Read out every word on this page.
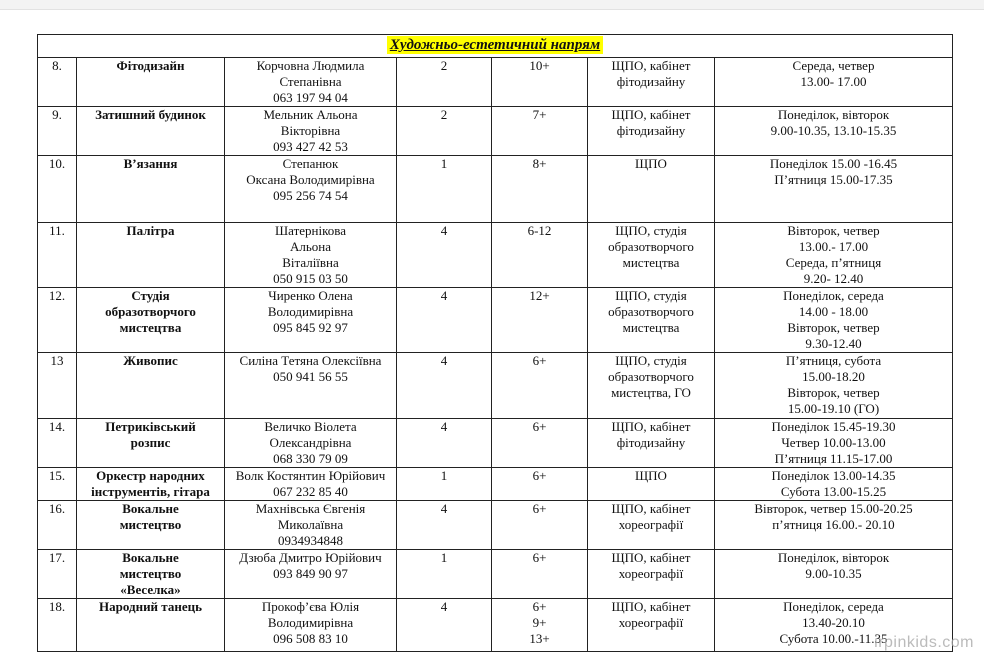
Художньо-естетичний напрям						
8.	Фітодизайн	Корчовна Людмила
Степанівна
063 197 94 04	2	10+	ЩПО, кабінет
фітодизайну	Середа, четвер
13.00- 17.00

9.	Затишний будинок	Мельник Альона
Вікторівна
093 427 42 53	2	7+	ЩПО, кабінет
фітодизайну	Понеділок, вівторок
9.00-10.35, 13.10-15.35

10.	В’язання	Степанюк
Оксана Володимирівна
095 256 74 54	1	8+	ЩПО	Понеділок 15.00 -16.45
П’ятниця 15.00-17.35

11.	Палітра	Шатернікова
Альона
Віталіївна
050 915 03 50	4	6-12	ЩПО, студія
образотворчого
мистецтва	Вівторок, четвер
13.00.- 17.00
Середа, п’ятниця
9.20- 12.40

12.	Студія
образотворчого
мистецтва	Чиренко Олена
Володимирівна
095 845 92 97	4	12+	ЩПО, студія
образотворчого
мистецтва	Понеділок, середа
14.00 - 18.00
Вівторок, четвер
9.30-12.40

13	Живопис	Силіна Тетяна Олексіївна
050 941 56 55	4	6+	ЩПО, студія
образотворчого
мистецтва, ГО	П’ятниця, субота
15.00-18.20
Вівторок, четвер
15.00-19.10 (ГО)

14.	Петриківський
розпис	Величко Віолета
Олександрівна
068 330 79 09	4	6+	ЩПО, кабінет
фітодизайну	Понеділок 15.45-19.30
Четвер 10.00-13.00
П’ятниця 11.15-17.00

15.	Оркестр народних
інструментів, гітара	Волк Костянтин Юрійович
067 232 85 40	1	6+	ЩПО	Понеділок 13.00-14.35
Субота 13.00-15.25

16.	Вокальне
мистецтво	Махнівська Євгенія
Миколаївна
0934934848	4	6+	ЩПО, кабінет
хореографії	Вівторок, четвер 15.00-20.25
п’ятниця 16.00.- 20.10

17.	Вокальне
мистецтво
«Веселка»	Дзюба Дмитро Юрійович
093 849 90 97	1	6+	ЩПО, кабінет
хореографії	Понеділок, вівторок
9.00-10.35

18.	Народний танець	Прокоф’єва Юлія
Володимирівна
096 508 83 10	4	6+
9+
13+	ЩПО, кабінет
хореографії	Понеділок, середа
13.40-20.10
Субота 10.00.-11.35
irpinkids.com
